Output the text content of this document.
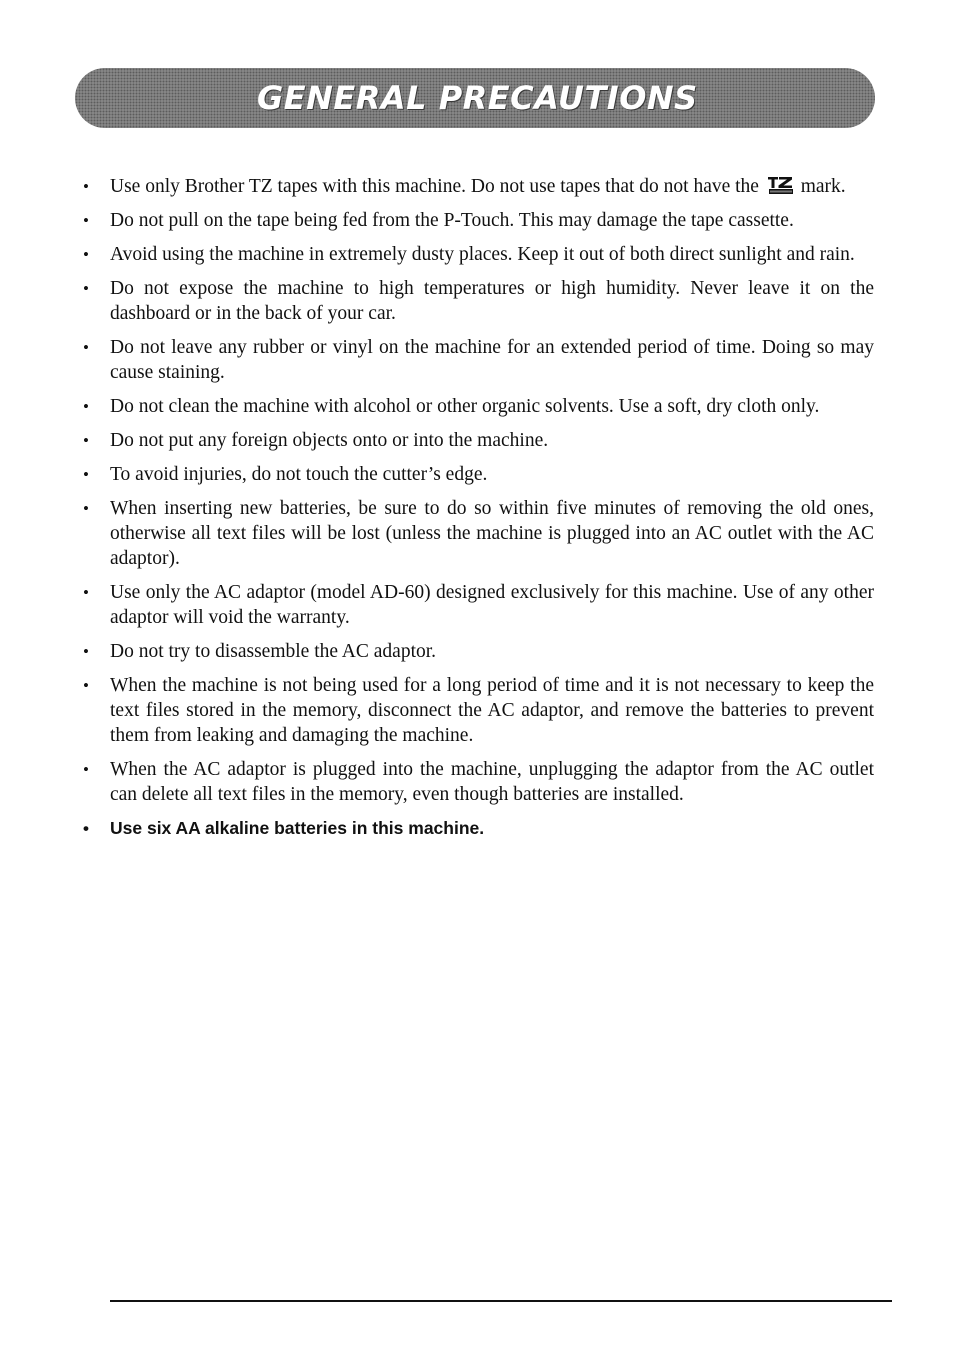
GENERAL PRECAUTIONS
• Use only Brother TZ tapes with this machine. Do not use tapes that do not have the  mark.
• Do not pull on the tape being fed from the P-Touch. This may damage the tape cassette.
• Avoid using the machine in extremely dusty places. Keep it out of both direct sunlight and rain.
• Do not expose the machine to high temperatures or high humidity. Never leave it on the dashboard or in the back of your car.
• Do not leave any rubber or vinyl on the machine for an extended period of time. Doing so may cause staining.
• Do not clean the machine with alcohol or other organic solvents. Use a soft, dry cloth only.
• Do not put any foreign objects onto or into the machine.
• To avoid injuries, do not touch the cutter’s edge.
• When inserting new batteries, be sure to do so within five minutes of removing the old ones, otherwise all text files will be lost (unless the machine is plugged into an AC outlet with the AC adaptor).
• Use only the AC adaptor (model AD-60) designed exclusively for this machine. Use of any other adaptor will void the warranty.
• Do not try to disassemble the AC adaptor.
• When the machine is not being used for a long period of time and it is not necessary to keep the text files stored in the memory, disconnect the AC adaptor, and remove the batteries to prevent them from leaking and damaging the machine.
• When the AC adaptor is plugged into the machine, unplugging the adaptor from the AC outlet can delete all text files in the memory, even though batteries are installed.
• Use six AA alkaline batteries in this machine.
